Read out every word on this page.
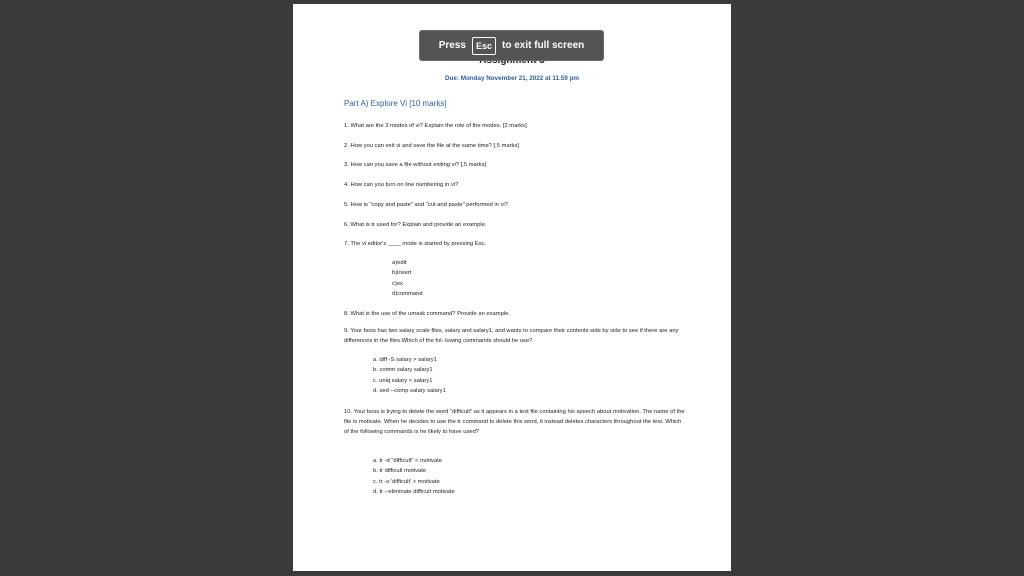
Due: Monday November 21, 2022 at 11.59 pm
Part A) Explore Vi [10 marks]
1. What are the 3 modes of vi? Explain the role of the modes. [2 marks]
2. How you can exit vi and save the file at the same time? [.5 marks]
3. How can you save a file without exiting vi? [.5 marks]
4. How can you turn on line numbering in vi?
5. How is "copy and paste" and "cut and paste" performed in vi?
6. What is tr used for? Explain and provide an example.
7. The vi editor's ____ mode is started by pressing Esc.
a)edit
b)insert
c)ex
d)command
8. What is the use of the umask command? Provide an example.
9. Your boss has two salary scale files, salary and salary1, and wants to compare their contents side by side to see if there are any differences in the files.Which of the fol- lowing commands should he use?
a. diff -S salary > salary1
b. comm salary salary1
c. uniq salary < salary1
d. sed --comp salary salary1
10. Your boss is trying to delete the word "difficult" as it appears in a text file containing his speech about motivation. The name of the file is motivate. When he decides to use the tr command to delete this word, it instead deletes characters throughout the text. Which of the following commands is he likely to have used?
a. tr -d "difficult" < motivate
b. tr difficult motivate
c. tr -o 'difficult' > motivate
d. tr --eliminate difficult motivate
Press	Esc	to exit full screen
